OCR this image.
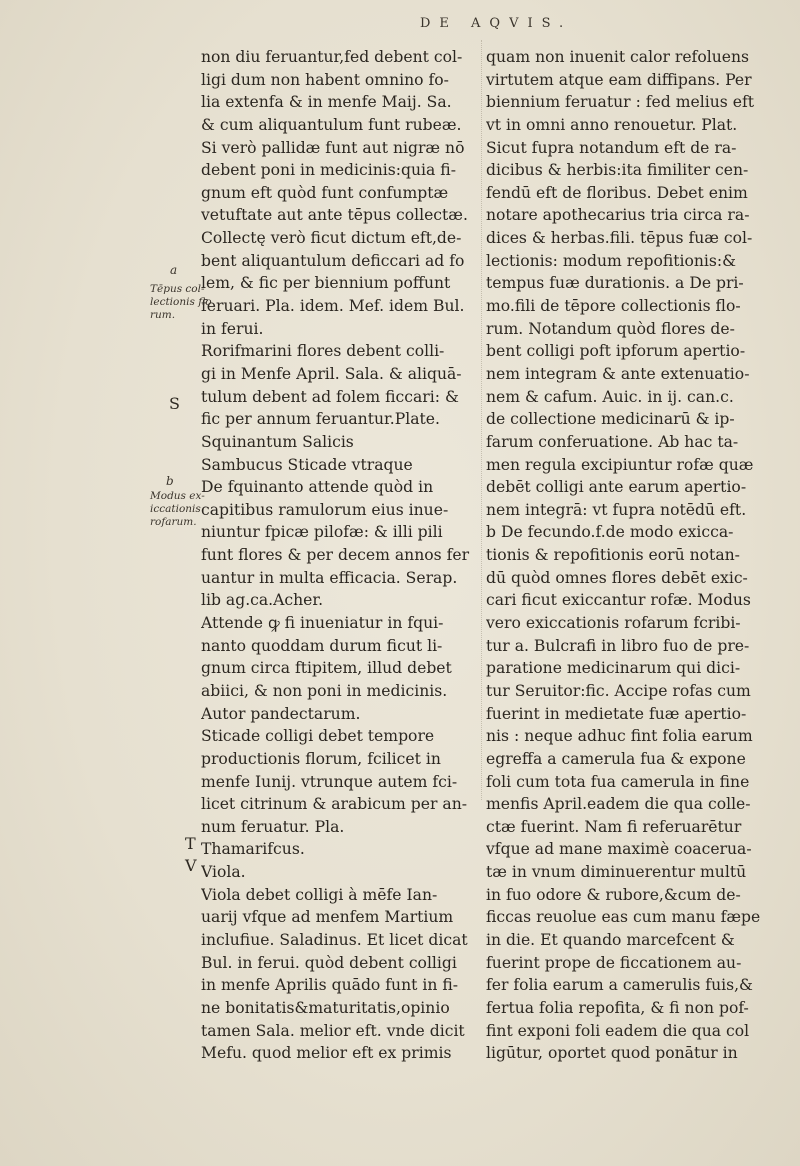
DE AQVIS.
non diu feruantur,fed debent col-
ligi dum non habent omnino fo-
lia extenfa & in menfe Maij. Sa.
& cum aliquantulum funt rubeæ.
Si verò pallidæ funt aut nigræ nō
debent poni in medicinis:quia fi-
gnum eft quòd funt confumptæ
vetuftate aut ante tēpus collectæ.
Collectę verò ficut dictum eft,de-
bent aliquantulum deficcari ad fo
lem, & fic per biennium poffunt
feruari. Pla. idem. Mef. idem Bul.
in ferui.
Rorifmarini flores debent colli-
gi in Menfe April. Sala. & aliquā-
tulum debent ad folem ficcari: &
fic per annum feruantur.Plate.
Squinantum Salicis
Sambucus Sticade vtraque
De fquinanto attende quòd in
capitibus ramulorum eius inue-
niuntur fpicæ pilofæ: & illi pili
funt flores & per decem annos fer
uantur in multa efficacia. Serap.
lib ag.ca.Acher.
Attende ꝙ fi inueniatur in fqui-
nanto quoddam durum ficut li-
gnum circa ftipitem, illud debet
abiici, & non poni in medicinis.
Autor pandectarum.
Sticade colligi debet tempore
productionis florum, fcilicet in
menfe Iunij. vtrunque autem fci-
licet citrinum & arabicum per an-
num feruatur. Pla.
Thamarifcus.
Viola.
Viola debet colligi à mēfe Ian-
uarij vfque ad menfem Martium
inclufiue. Saladinus. Et licet dicat
Bul. in ferui. quòd debent colligi
in menfe Aprilis quādo funt in fi-
ne bonitatis&maturitatis,opinio
tamen Sala. melior eft. vnde dicit
Mefu. quod melior eft ex primis
quam non inuenit calor refoluens
virtutem atque eam diffipans. Per
biennium feruatur : fed melius eft
vt in omni anno renouetur. Plat.
Sicut fupra notandum eft de ra-
dicibus & herbis:ita fimiliter cen-
fendū eft de floribus. Debet enim
notare apothecarius tria circa ra-
dices & herbas.fili. tēpus fuæ col-
lectionis: modum repofitionis:&
tempus fuæ durationis. a De pri-
mo.fili de tēpore collectionis flo-
rum. Notandum quòd flores de-
bent colligi poft ipforum apertio-
nem integram & ante extenuatio-
nem & cafum. Auic. in ij. can.c.
de collectione medicinarū & ip-
farum conferuatione. Ab hac ta-
men regula excipiuntur rofæ quæ
debēt colligi ante earum apertio-
nem integrā: vt fupra notēdū eft.
b De fecundo.f.de modo exicca-
tionis & repofitionis eorū notan-
dū quòd omnes flores debēt exic-
cari ficut exiccantur rofæ. Modus
vero exiccationis rofarum fcribi-
tur a. Bulcrafi in libro fuo de pre-
paratione medicinarum qui dici-
tur Seruitor:fic. Accipe rofas cum
fuerint in medietate fuæ apertio-
nis : neque adhuc fint folia earum
egreffa a camerula fua & expone
foli cum tota fua camerula in fine
menfis April.eadem die qua colle-
ctæ fuerint. Nam fi referuarētur
vfque ad mane maximè coacerua-
tæ in vnum diminuerentur multū
in fuo odore & rubore,&cum de-
ficcas reuolue eas cum manu fæpe
in die. Et quando marcefcent &
fuerint prope de ficcationem au-
fer folia earum a camerulis fuis,&
fertua folia repofita, & fi non pof-
fint exponi foli eadem die qua col
ligūtur, oportet quod ponātur in
a
Tēpus col-
lectionis flo
rum.
S
b
Modus ex-
iccationis
rofarum.
T
V
